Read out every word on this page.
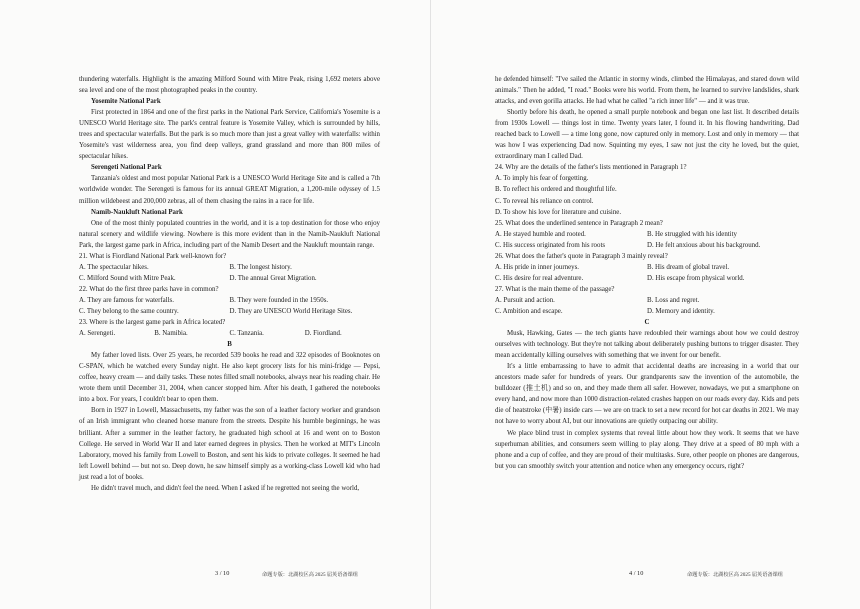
thundering waterfalls. Highlight is the amazing Milford Sound with Mitre Peak, rising 1,692 meters above sea level and one of the most photographed peaks in the country.

Yosemite National Park

First protected in 1864 and one of the first parks in the National Park Service, California's Yosemite is a UNESCO World Heritage site. The park's central feature is Yosemite Valley, which is surrounded by hills, trees and spectacular waterfalls. But the park is so much more than just a great valley with waterfalls: within Yosemite's vast wilderness area, you find deep valleys, grand grassland and more than 800 miles of spectacular hikes.

Serengeti National Park

Tanzania's oldest and most popular National Park is a UNESCO World Heritage Site and is called a 7th worldwide wonder. The Serengeti is famous for its annual GREAT Migration, a 1,200-mile odyssey of 1.5 million wildebeest and 200,000 zebras, all of them chasing the rains in a race for life.

Namib-Naukluft National Park

One of the most thinly populated countries in the world, and it is a top destination for those who enjoy natural scenery and wildlife viewing. Nowhere is this more evident than in the Namib-Naukluft National Park, the largest game park in Africa, including part of the Namib Desert and the Naukluft mountain range.

21. What is Fiordland National Park well-known for?

A. The spectacular hikes.	B. The longest history.
C. Milford Sound with Mitre Peak.	D. The annual Great Migration.

22. What do the first three parks have in common?

A. They are famous for waterfalls.	B. They were founded in the 1950s.
C. They belong to the same country.	D. They are UNESCO World Heritage Sites.

23. Where is the largest game park in Africa located?

A. Serengeti.	B. Namibia.	C. Tanzania.	D. Fiordland.

B

My father loved lists. Over 25 years, he recorded 539 books he read and 322 episodes of Booknotes on C-SPAN, which he watched every Sunday night. He also kept grocery lists for his mini-fridge — Pepsi, coffee, heavy cream — and daily tasks. These notes filled small notebooks, always near his reading chair. He wrote them until December 31, 2004, when cancer stopped him. After his death, I gathered the notebooks into a box. For years, I couldn't bear to open them.

Born in 1927 in Lowell, Massachusetts, my father was the son of a leather factory worker and grandson of an Irish immigrant who cleaned horse manure from the streets. Despite his humble beginnings, he was brilliant. After a summer in the leather factory, he graduated high school at 16 and went on to Boston College. He served in World War II and later earned degrees in physics. Then he worked at MIT's Lincoln Laboratory, moved his family from Lowell to Boston, and sent his kids to private colleges. It seemed he had left Lowell behind — but not so. Deep down, he saw himself simply as a working-class Lowell kid who had just read a lot of books.

He didn't travel much, and didn't feel the need. When I asked if he regretted not seeing the world,

3 / 10	命题专版：北湖校区高 2025 届英语备课组

he defended himself: "I've sailed the Atlantic in stormy winds, climbed the Himalayas, and stared down wild animals." Then he added, "I read." Books were his world. From them, he learned to survive landslides, shark attacks, and even gorilla attacks. He had what he called "a rich inner life" — and it was true.

Shortly before his death, he opened a small purple notebook and began one last list. It described details from 1930s Lowell — things lost in time. Twenty years later, I found it. In his flowing handwriting, Dad reached back to Lowell — a time long gone, now captured only in memory. Lost and only in memory — that was how I was experiencing Dad now. Squinting my eyes, I saw not just the city he loved, but the quiet, extraordinary man I called Dad.

24. Why are the details of the father's lists mentioned in Paragraph 1?

A. To imply his fear of forgetting.
B. To reflect his ordered and thoughtful life.
C. To reveal his reliance on control.
D. To show his love for literature and cuisine.

25. What does the underlined sentence in Paragraph 2 mean?

A. He stayed humble and rooted.	B. He struggled with his identity
C. His success originated from his roots	D. He felt anxious about his background.

26. What does the father's quote in Paragraph 3 mainly reveal?

A. His pride in inner journeys.	B. His dream of global travel.
C. His desire for real adventure.	D. His escape from physical world.

27. What is the main theme of the passage?

A. Pursuit and action.	B. Loss and regret.
C. Ambition and escape.	D. Memory and identity.

C

Musk, Hawking, Gates — the tech giants have redoubled their warnings about how we could destroy ourselves with technology. But they're not talking about deliberately pushing buttons to trigger disaster. They mean accidentally killing ourselves with something that we invent for our benefit.

It's a little embarrassing to have to admit that accidental deaths are increasing in a world that our ancestors made safer for hundreds of years. Our grandparents saw the invention of the automobile, the bulldozer (推土机) and so on, and they made them all safer. However, nowadays, we put a smartphone on every hand, and now more than 1000 distraction-related crashes happen on our roads every day. Kids and pets die of heatstroke (中暑) inside cars — we are on track to set a new record for hot car deaths in 2021. We may not have to worry about AI, but our innovations are quietly outpacing our ability.

We place blind trust in complex systems that reveal little about how they work. It seems that we have superhuman abilities, and consumers seem willing to play along. They drive at a speed of 80 mph with a phone and a cup of coffee, and they are proud of their multitasks. Sure, other people on phones are dangerous, but you can smoothly switch your attention and notice when any emergency occurs, right?

4 / 10	命题专版：北湖校区高 2025 届英语备课组
